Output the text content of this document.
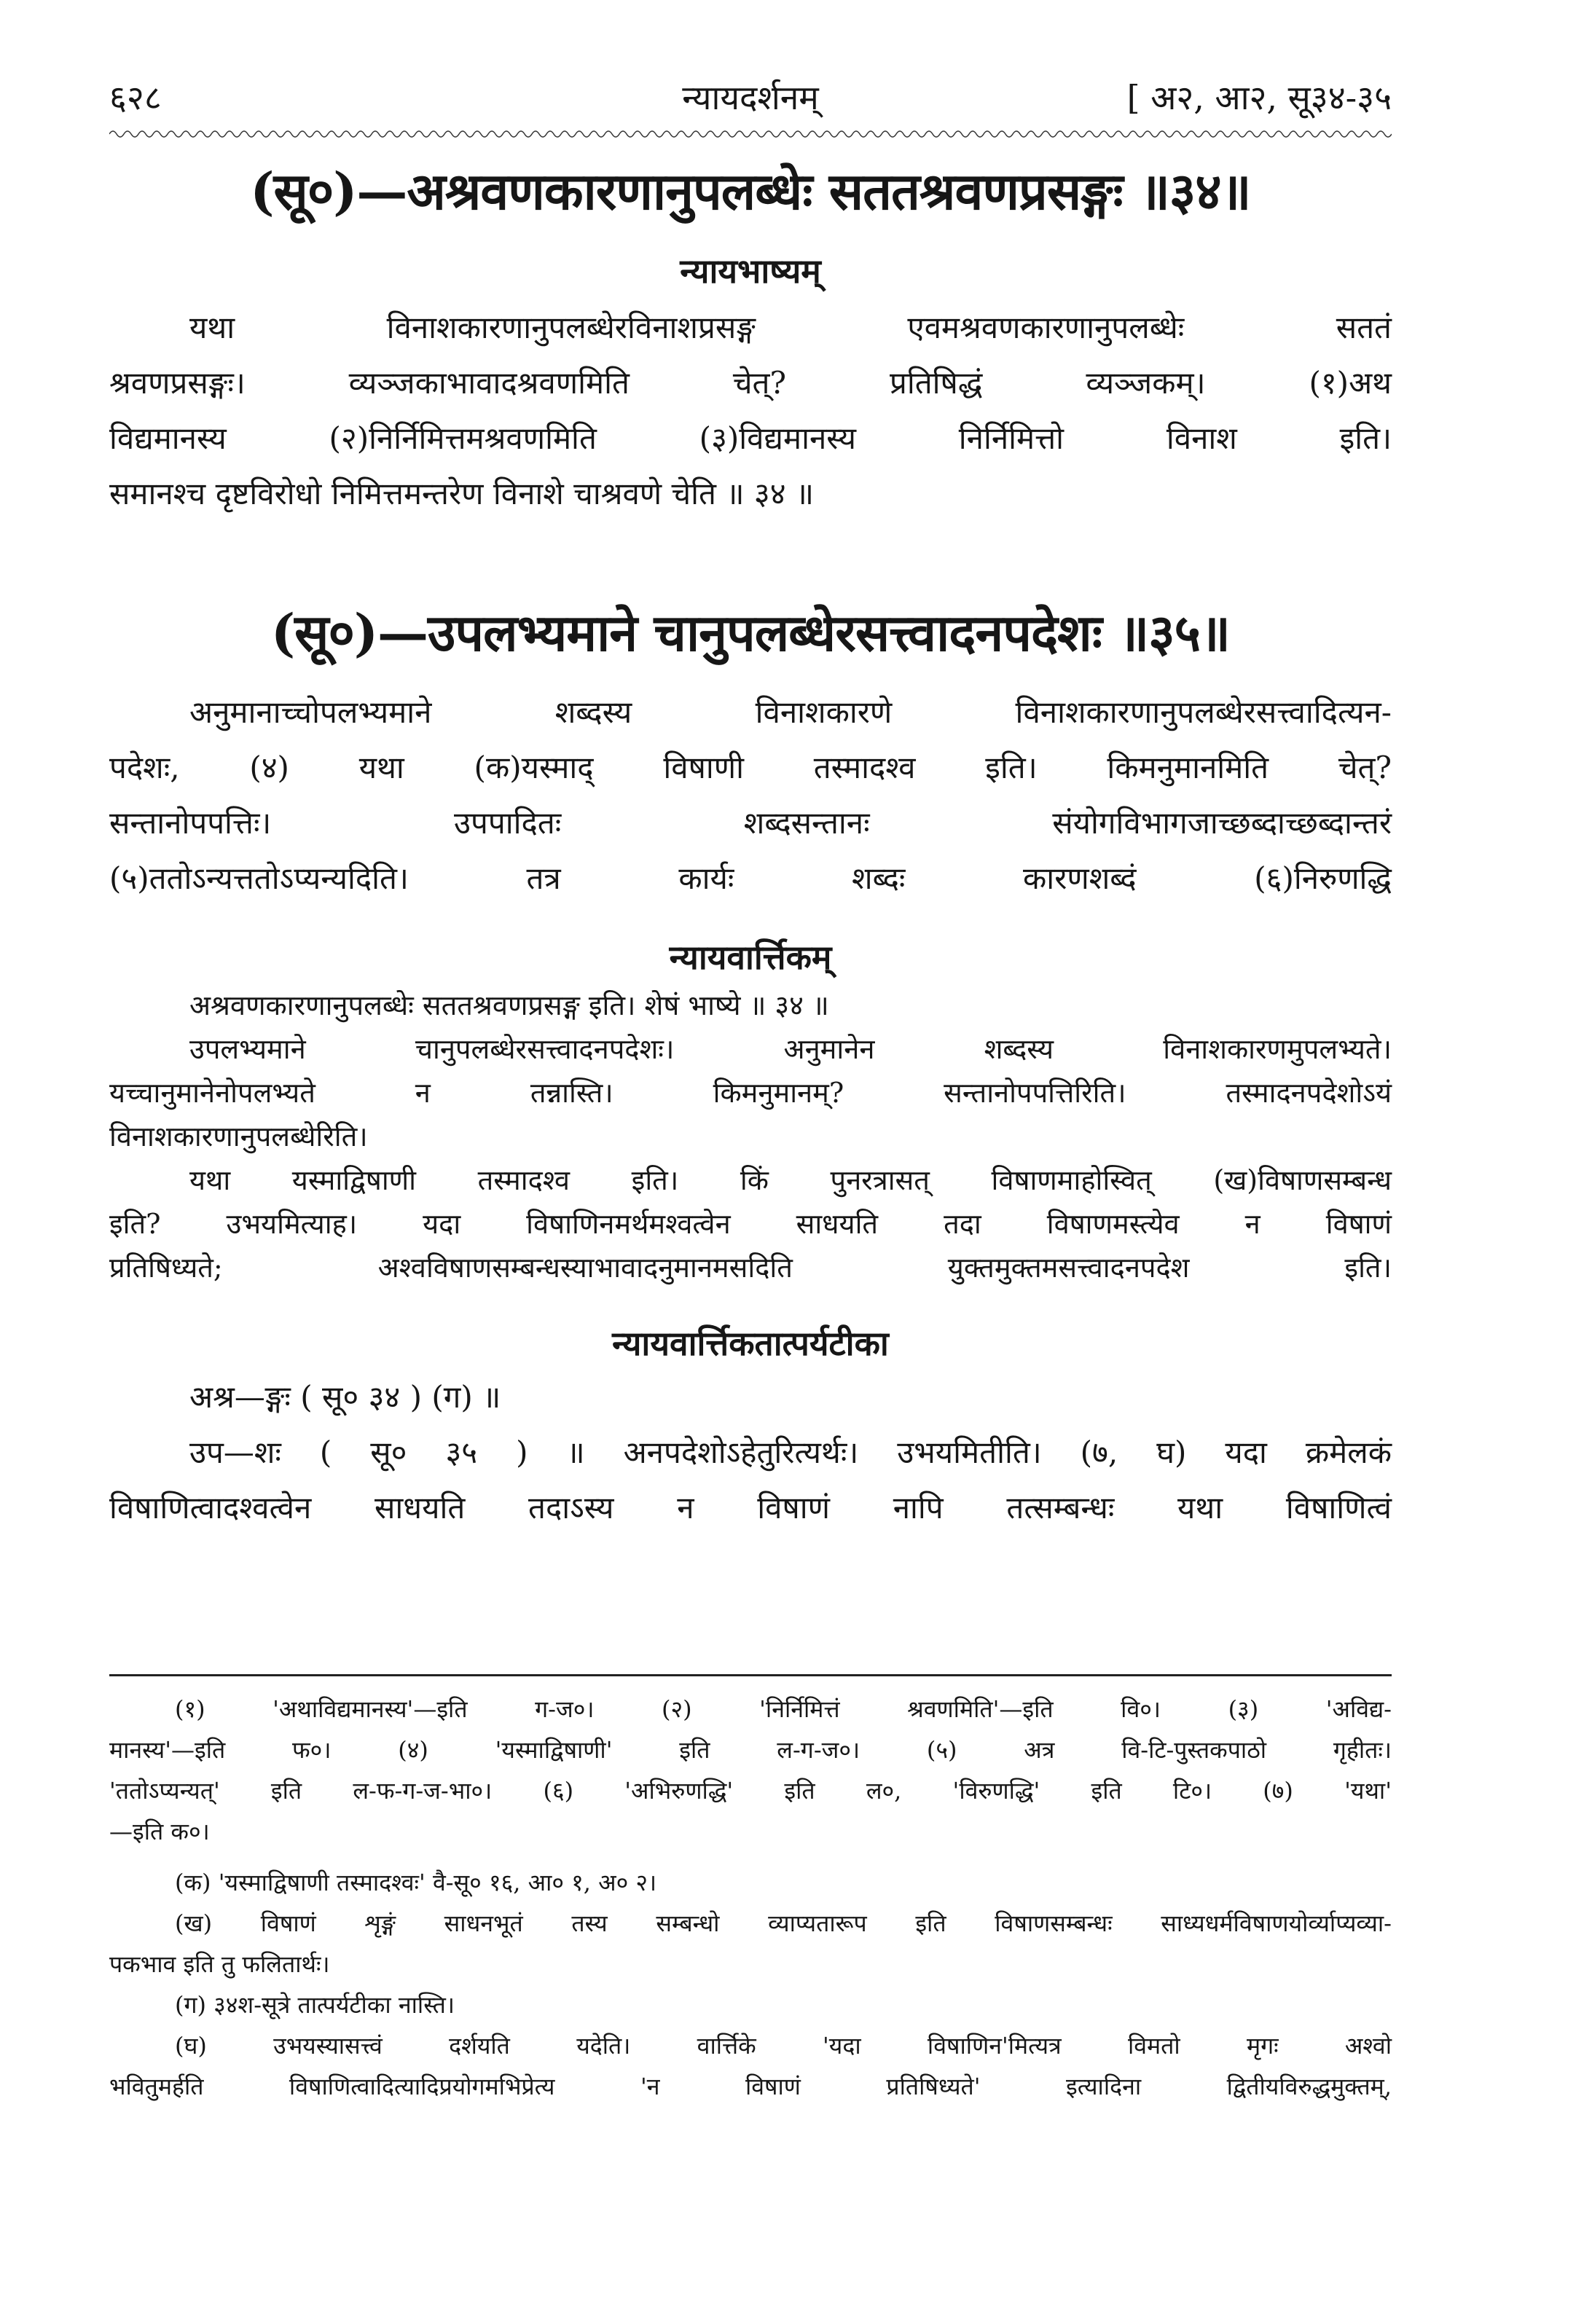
६२८	न्यायदर्शनम्	[ अ२, आ२, सू३४-३५
(सू०)—अश्रवणकारणानुपलब्धेः सततश्रवणप्रसङ्गः ॥३४॥
न्यायभाष्यम्
यथा विनाशकारणानुपलब्धेरविनाशप्रसङ्ग एवमश्रवणकारणानुपलब्धेः सततं
श्रवणप्रसङ्गः। व्यञ्जकाभावादश्रवणमिति चेत्? प्रतिषिद्धं व्यञ्जकम्। (१)अथ
विद्यमानस्य (२)निर्निमित्तमश्रवणमिति (३)विद्यमानस्य निर्निमित्तो विनाश इति।
समानश्च दृष्टविरोधो निमित्तमन्तरेण विनाशे चाश्रवणे चेति ॥ ३४ ॥
(सू०)—उपलभ्यमाने चानुपलब्धेरसत्त्वादनपदेशः ॥३५॥
अनुमानाच्चोपलभ्यमाने शब्दस्य विनाशकारणे विनाशकारणानुपलब्धेरसत्त्वादित्यन-
पदेशः, (४) यथा (क)यस्माद् विषाणी तस्मादश्व इति। किमनुमानमिति चेत्?
सन्तानोपपत्तिः। उपपादितः शब्दसन्तानः संयोगविभागजाच्छब्दाच्छब्दान्तरं
(५)ततोऽन्यत्ततोऽप्यन्यदिति। तत्र कार्यः शब्दः कारणशब्दं (६)निरुणद्धि
न्यायवार्त्तिकम्
अश्रवणकारणानुपलब्धेः सततश्रवणप्रसङ्ग इति। शेषं भाष्ये ॥ ३४ ॥
उपलभ्यमाने चानुपलब्धेरसत्त्वादनपदेशः। अनुमानेन शब्दस्य विनाशकारणमुपलभ्यते।
यच्चानुमानेनोपलभ्यते न तन्नास्ति। किमनुमानम्? सन्तानोपपत्तिरिति। तस्मादनपदेशोऽयं
विनाशकारणानुपलब्धेरिति।
यथा यस्माद्विषाणी तस्मादश्व इति। किं पुनरत्रासत् विषाणमाहोस्वित् (ख)विषाणसम्बन्ध
इति? उभयमित्याह। यदा विषाणिनमर्थमश्वत्वेन साधयति तदा विषाणमस्त्येव न विषाणं
प्रतिषिध्यते; अश्वविषाणसम्बन्धस्याभावादनुमानमसदिति युक्तमुक्तमसत्त्वादनपदेश इति।
न्यायवार्त्तिकतात्पर्यटीका
अश्र—ङ्गः ( सू० ३४ ) (ग) ॥
उप—शः ( सू० ३५ ) ॥ अनपदेशोऽहेतुरित्यर्थः। उभयमितीति। (७, घ) यदा क्रमेलकं
विषाणित्वादश्वत्वेन साधयति तदाऽस्य न विषाणं नापि तत्सम्बन्धः यथा विषाणित्वं
(१) 'अथाविद्यमानस्य'—इति ग-ज०। (२) 'निर्निमित्तं श्रवणमिति'—इति वि०। (३) 'अविद्य-
मानस्य'—इति फ०। (४) 'यस्माद्विषाणी' इति ल-ग-ज०। (५) अत्र वि-टि-पुस्तकपाठो गृहीतः।
'ततोऽप्यन्यत्' इति ल-फ-ग-ज-भा०। (६) 'अभिरुणद्धि' इति ल०, 'विरुणद्धि' इति टि०। (७) 'यथा'
—इति क०।
(क) 'यस्माद्विषाणी तस्मादश्वः' वै-सू० १६, आ० १, अ० २।
(ख) विषाणं शृङ्गं साधनभूतं तस्य सम्बन्धो व्याप्यतारूप इति विषाणसम्बन्धः साध्यधर्मविषाणयोर्व्याप्यव्या-
पकभाव इति तु फलितार्थः।
(ग) ३४श-सूत्रे तात्पर्यटीका नास्ति।
(घ) उभयस्यासत्त्वं दर्शयति यदेति। वार्त्तिके 'यदा विषाणिन'मित्यत्र विमतो मृगः अश्वो
भवितुमर्हति विषाणित्वादित्यादिप्रयोगमभिप्रेत्य 'न विषाणं प्रतिषिध्यते' इत्यादिना द्वितीयविरुद्धमुक्तम्,
